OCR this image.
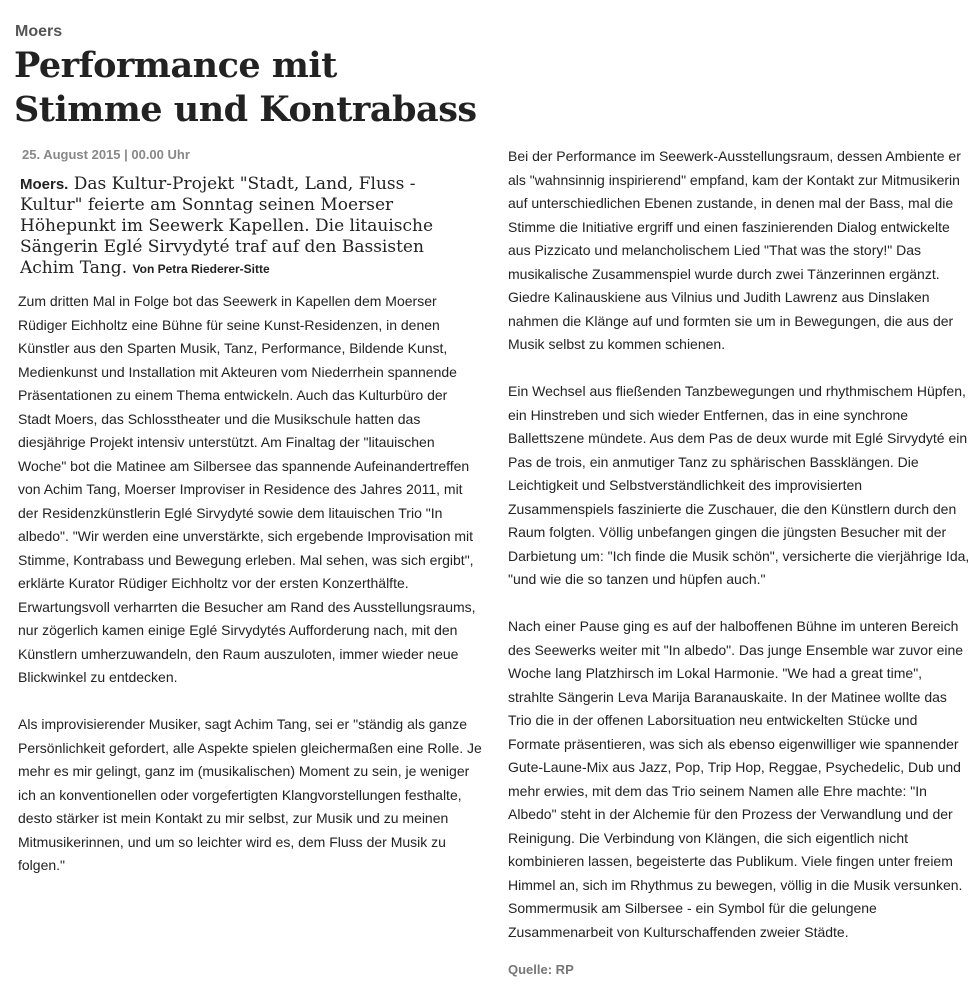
Moers
Performance mit Stimme und Kontrabass
25. August 2015 | 00.00 Uhr
Moers. Das Kultur-Projekt "Stadt, Land, Fluss - Kultur" feierte am Sonntag seinen Moerser Höhepunkt im Seewerk Kapellen. Die litauische Sängerin Eglé Sirvydyté traf auf den Bassisten Achim Tang. Von Petra Riederer-Sitte

Zum dritten Mal in Folge bot das Seewerk in Kapellen dem Moerser Rüdiger Eichholtz eine Bühne für seine Kunst-Residenzen, in denen Künstler aus den Sparten Musik, Tanz, Performance, Bildende Kunst, Medienkunst und Installation mit Akteuren vom Niederrhein spannende Präsentationen zu einem Thema entwickeln. Auch das Kulturbüro der Stadt Moers, das Schlosstheater und die Musikschule hatten das diesjährige Projekt intensiv unterstützt. Am Finaltag der "litauischen Woche" bot die Matinee am Silbersee das spannende Aufeinandertreffen von Achim Tang, Moerser Improviser in Residence des Jahres 2011, mit der Residenzkünstlerin Eglé Sirvydyté sowie dem litauischen Trio "In albedo". "Wir werden eine unverstärkte, sich ergebende Improvisation mit Stimme, Kontrabass und Bewegung erleben. Mal sehen, was sich ergibt", erklärte Kurator Rüdiger Eichholtz vor der ersten Konzerthälfte. Erwartungsvoll verharrten die Besucher am Rand des Ausstellungsraums, nur zögerlich kamen einige Eglé Sirvydytés Aufforderung nach, mit den Künstlern umherzuwandeln, den Raum auszuloten, immer wieder neue Blickwinkel zu entdecken.

Als improvisierender Musiker, sagt Achim Tang, sei er "ständig als ganze Persönlichkeit gefordert, alle Aspekte spielen gleichermaßen eine Rolle. Je mehr es mir gelingt, ganz im (musikalischen) Moment zu sein, je weniger ich an konventionellen oder vorgefertigten Klangvorstellungen festhalte, desto stärker ist mein Kontakt zu mir selbst, zur Musik und zu meinen Mitmusikerinnen, und um so leichter wird es, dem Fluss der Musik zu folgen."

Bei der Performance im Seewerk-Ausstellungsraum, dessen Ambiente er als "wahnsinnig inspirierend" empfand, kam der Kontakt zur Mitmusikerin auf unterschiedlichen Ebenen zustande, in denen mal der Bass, mal die Stimme die Initiative ergriff und einen faszinierenden Dialog entwickelte aus Pizzicato und melancholischem Lied "That was the story!" Das musikalische Zusammenspiel wurde durch zwei Tänzerinnen ergänzt. Giedre Kalinauskiene aus Vilnius und Judith Lawrenz aus Dinslaken nahmen die Klänge auf und formten sie um in Bewegungen, die aus der Musik selbst zu kommen schienen.

Ein Wechsel aus fließenden Tanzbewegungen und rhythmischem Hüpfen, ein Hinstreben und sich wieder Entfernen, das in eine synchrone Ballettszene mündete. Aus dem Pas de deux wurde mit Eglé Sirvydyté ein Pas de trois, ein anmutiger Tanz zu sphärischen Bassklängen. Die Leichtigkeit und Selbstverständlichkeit des improvisierten Zusammenspiels faszinierte die Zuschauer, die den Künstlern durch den Raum folgten. Völlig unbefangen gingen die jüngsten Besucher mit der Darbietung um: "Ich finde die Musik schön", versicherte die vierjährige Ida, "und wie die so tanzen und hüpfen auch."

Nach einer Pause ging es auf der halboffenen Bühne im unteren Bereich des Seewerks weiter mit "In albedo". Das junge Ensemble war zuvor eine Woche lang Platzhirsch im Lokal Harmonie. "We had a great time", strahlte Sängerin Leva Marija Baranauskaite. In der Matinee wollte das Trio die in der offenen Laborsituation neu entwickelten Stücke und Formate präsentieren, was sich als ebenso eigenwilliger wie spannender Gute-Laune-Mix aus Jazz, Pop, Trip Hop, Reggae, Psychedelic, Dub und mehr erwies, mit dem das Trio seinem Namen alle Ehre machte: "In Albedo" steht in der Alchemie für den Prozess der Verwandlung und der Reinigung. Die Verbindung von Klängen, die sich eigentlich nicht kombinieren lassen, begeisterte das Publikum. Viele fingen unter freiem Himmel an, sich im Rhythmus zu bewegen, völlig in die Musik versunken. Sommermusik am Silbersee - ein Symbol für die gelungene Zusammenarbeit von Kulturschaffenden zweier Städte.

Quelle: RP
